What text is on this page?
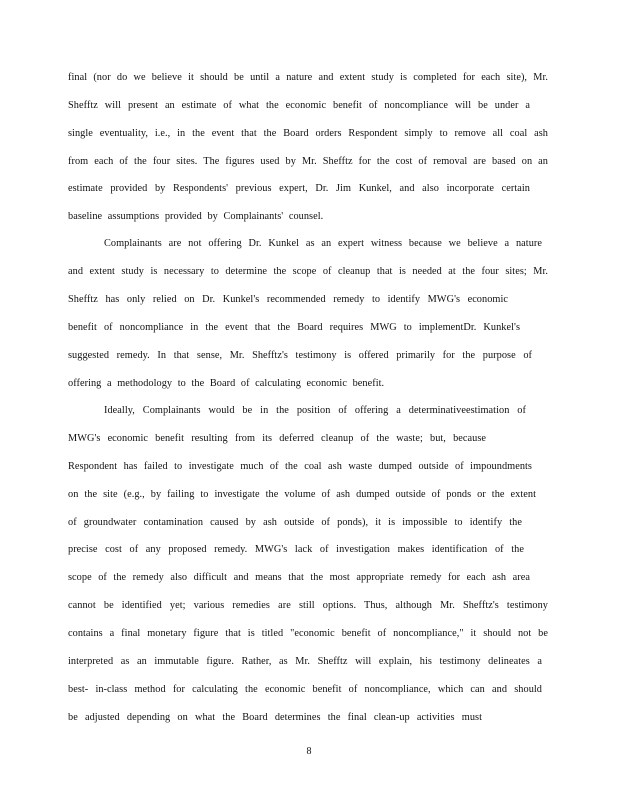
final (nor do we believe it should be until a nature and extent study is completed for each site), Mr.
Shefftz will present an estimate of what the economic benefit of noncompliance will be under a
single eventuality, i.e., in the event that the Board orders Respondent simply to remove all coal ash
from each of the four sites. The figures used by Mr. Shefftz for the cost of removal are based on an
estimate provided by Respondents' previous expert, Dr. Jim Kunkel, and also incorporate certain
baseline assumptions provided by Complainants' counsel.
Complainants are not offering Dr. Kunkel as an expert witness because we believe a nature
and extent study is necessary to determine the scope of cleanup that is needed at the four sites; Mr.
Shefftz has only relied on Dr. Kunkel's recommended remedy to identify MWG's economic
benefit of noncompliance in the event that the Board requires MWG to implementDr. Kunkel's
suggested remedy. In that sense, Mr. Shefftz's testimony is offered primarily for the purpose of
offering a methodology to the Board of calculating economic benefit.
Ideally, Complainants would be in the position of offering a determinativeestimation of
MWG's economic benefit resulting from its deferred cleanup of the waste; but, because
Respondent has failed to investigate much of the coal ash waste dumped outside of impoundments
on the site (e.g., by failing to investigate the volume of ash dumped outside of ponds or the extent
of groundwater contamination caused by ash outside of ponds), it is impossible to identify the
precise cost of any proposed remedy. MWG's lack of investigation makes identification of the
scope of the remedy also difficult and means that the most appropriate remedy for each ash area
cannot be identified yet; various remedies are still options. Thus, although Mr. Shefftz's testimony
contains a final monetary figure that is titled "economic benefit of noncompliance," it should not be
interpreted as an immutable figure. Rather, as Mr. Shefftz will explain, his testimony delineates a
best- in-class method for calculating the economic benefit of noncompliance, which can and should
be adjusted depending on what the Board determines the final clean-up activities must
8
